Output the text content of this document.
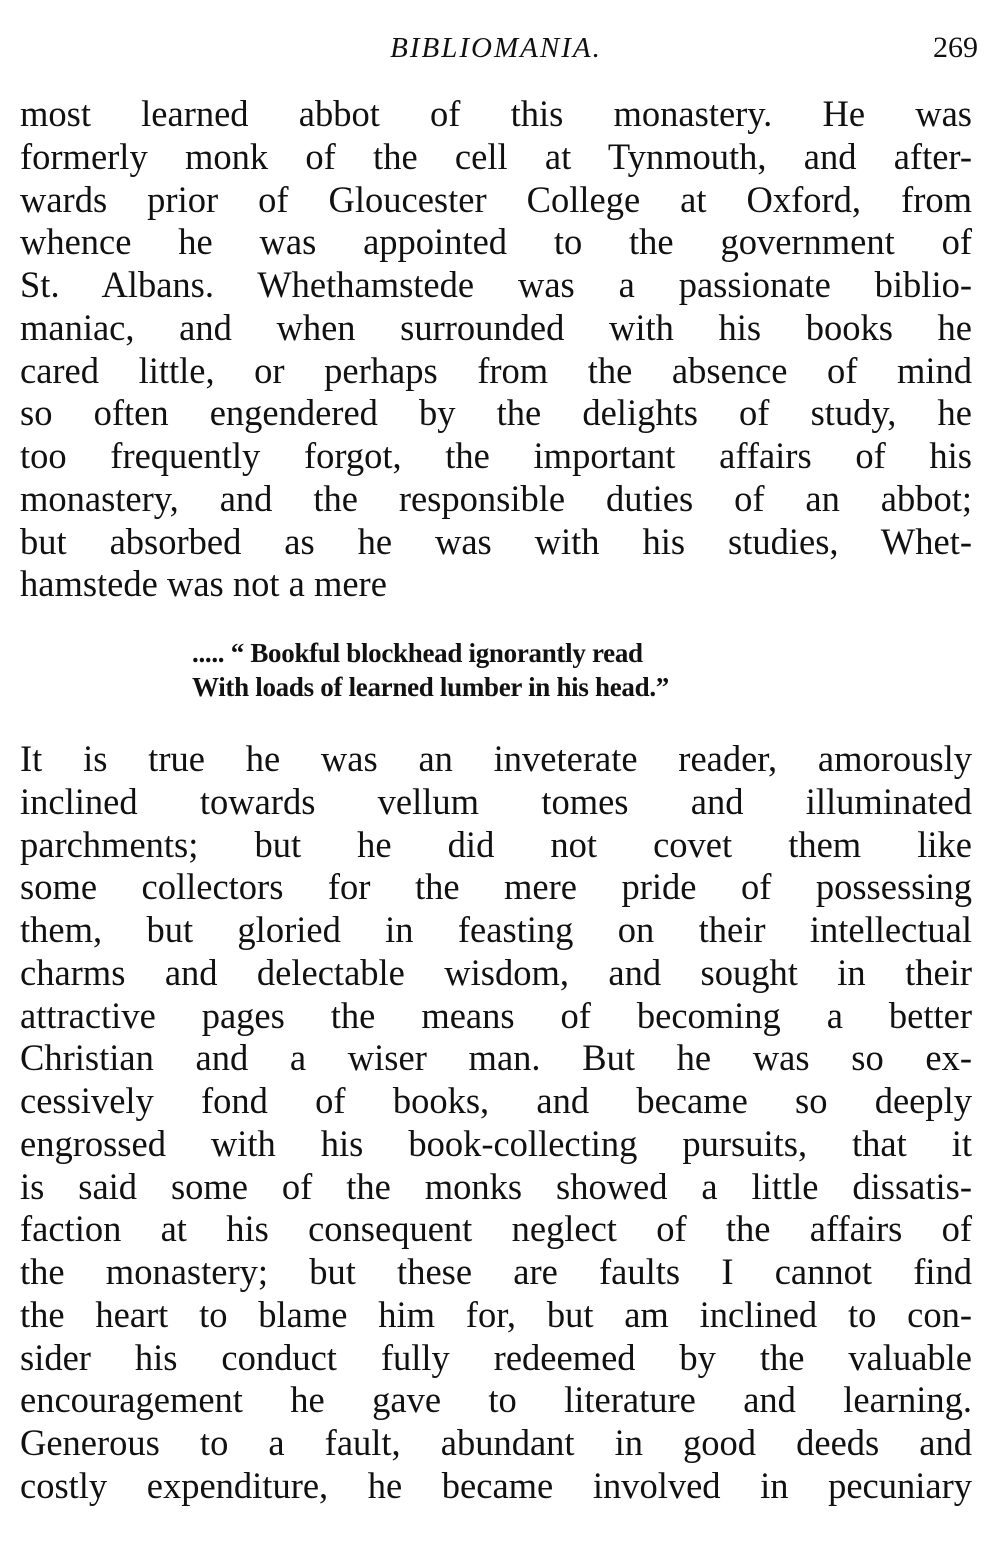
BIBLIOMANIA.	269
most learned abbot of this monastery. He was
formerly monk of the cell at Tynmouth, and after-
wards prior of Gloucester College at Oxford, from
whence he was appointed to the government of
St. Albans. Whethamstede was a passionate biblio-
maniac, and when surrounded with his books he
cared little, or perhaps from the absence of mind
so often engendered by the delights of study, he
too frequently forgot, the important affairs of his
monastery, and the responsible duties of an abbot;
but absorbed as he was with his studies, Whet-
hamstede was not a mere
..... “ Bookful blockhead ignorantly read
With loads of learned lumber in his head.”
It is true he was an inveterate reader, amorously
inclined towards vellum tomes and illuminated
parchments; but he did not covet them like
some collectors for the mere pride of possessing
them, but gloried in feasting on their intellectual
charms and delectable wisdom, and sought in their
attractive pages the means of becoming a better
Christian and a wiser man. But he was so ex-
cessively fond of books, and became so deeply
engrossed with his book-collecting pursuits, that it
is said some of the monks showed a little dissatis-
faction at his consequent neglect of the affairs of
the monastery; but these are faults I cannot find
the heart to blame him for, but am inclined to con-
sider his conduct fully redeemed by the valuable
encouragement he gave to literature and learning.
Generous to a fault, abundant in good deeds and
costly expenditure, he became involved in pecuniary
